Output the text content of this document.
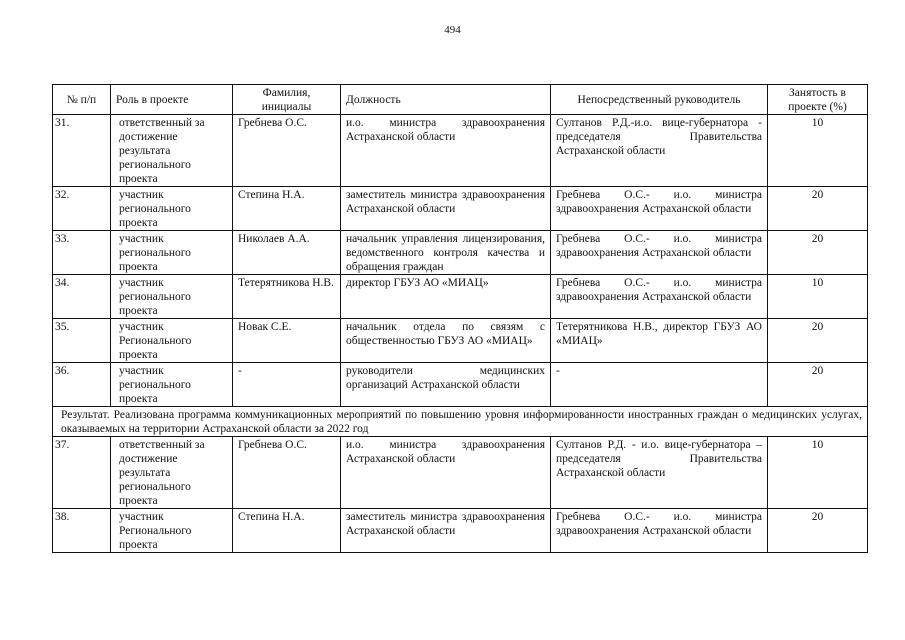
494
№ п/п	Роль в проекте	Фамилия, инициалы	Должность	Непосредственный руководитель	Занятость в проекте (%)
31.	ответственный за достижение результата регионального проекта	Гребнева О.С.	и.о. министра здравоохранения Астраханской области	Султанов Р.Д.-и.о. вице-губернатора - председателя Правительства Астраханской области	10
32.	участник регионального проекта	Степина Н.А.	заместитель министра здравоохранения Астраханской области	Гребнева О.С.- и.о. министра здравоохранения Астраханской области	20
33.	участник регионального проекта	Николаев А.А.	начальник управления лицензирования, ведомственного контроля качества и обращения граждан	Гребнева О.С.- и.о. министра здравоохранения Астраханской области	20
34.	участник регионального проекта	Тетерятникова Н.В.	директор ГБУЗ АО «МИАЦ»	Гребнева О.С.- и.о. министра здравоохранения Астраханской области	10
35.	участник Регионального проекта	Новак С.Е.	начальник отдела по связям с общественностью ГБУЗ АО «МИАЦ»	Тетерятникова Н.В., директор ГБУЗ АО «МИАЦ»	20
36.	участник регионального проекта	-	руководители медицинских организаций Астраханской области	-	20
Результат. Реализована программа коммуникационных мероприятий по повышению уровня информированности иностранных граждан о медицинских услугах, оказываемых на территории Астраханской области за 2022 год					
37.	ответственный за достижение результата регионального проекта	Гребнева О.С.	и.о. министра здравоохранения Астраханской области	Султанов Р.Д. - и.о. вице-губернатора – председателя Правительства Астраханской области	10
38.	участник Регионального проекта	Степина Н.А.	заместитель министра здравоохранения Астраханской области	Гребнева О.С.- и.о. министра здравоохранения Астраханской области	20
